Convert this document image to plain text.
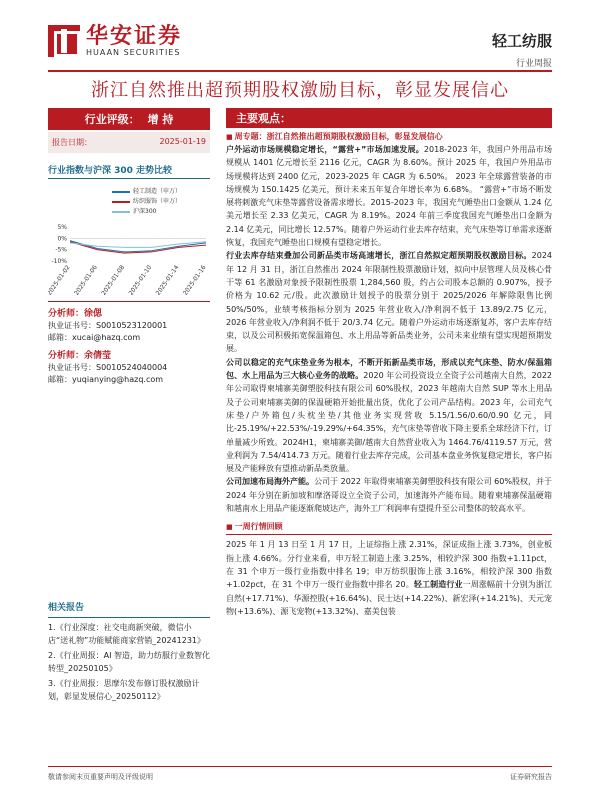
华安证券
HUAAN SECURITIES
轻工纺服
行业周报
浙江自然推出超预期股权激励目标，彰显发展信心
行业评级： 增 持
报告日期：	2025-01-19
行业指数与沪深 300 走势比较
5%
0%
-5%
-10%
2025-01-02 2025-01-06 2025-01-08 2025-01-10 2025-01-14 2025-01-16
轻工制造（申万）
纺织服饰（申万）
沪深300
分析师：徐偲
执业证书号：S0010523120001
邮箱：xucai@hazq.com
分析师：余倩莹
执业证书号：S0010524040004
邮箱：yuqianying@hazq.com
相关报告

1.《行业深度：社交电商新突破，微信小店“送礼物”功能赋能商家营销_20241231》

2.《行业周报：AI 智造，助力纺服行业数智化转型_20250105》

3.《行业周报：思摩尔发布修订股权激励计划，彰显发展信心_20250112》

主要观点：
■ 周专题：浙江自然推出超预期股权激励目标，彰显发展信心
户外运动市场规模稳定增长，“露营+”市场加速发展。2018-2023 年，我国户外用品市场规模从 1401 亿元增长至 2116 亿元，CAGR 为 8.60%。预计 2025 年，我国户外用品市场规模将达到 2400 亿元，2023-2025 年 CAGR 为 6.50%。 2023 年全球露营装备的市场规模为 150.1425 亿美元，预计未来五年复合年增长率为 6.68%。 “露营+”市场不断发展将刺激充气床垫等露营设备需求增长。2015-2023 年，我国充气睡垫出口金额从 1.24 亿美元增长至 2.33 亿美元，CAGR 为 8.19%。2024 年前三季度我国充气睡垫出口金额为 2.14 亿美元，同比增长 12.57%。随着户外运动行业去库存结束，充气床垫等订单需求逐渐恢复，我国充气睡垫出口规模有望稳定增长。
行业去库存结束叠加公司新品类市场高速增长，浙江自然拟定超预期股权激励目标。2024 年 12 月 31 日，浙江自然推出 2024 年限制性股票激励计划，拟向中层管理人员及核心骨干等 61 名激励对象授予限制性股票 1,284,560 股，约占公司股本总额的 0.907%，授予价格为 10.62 元/股。此次激励计划授予的股票分别于 2025/2026 年解除限售比例 50%/50%，业绩考核指标分别为 2025 年营业收入/净利润不低于 13.89/2.75 亿元，2026 年营业收入/净利润不低于 20/3.74 亿元。随着户外运动市场逐渐复苏，客户去库存结束，以及公司积极拓宽保温箱包、水上用品等新品类业务，公司未来业绩有望实现超预期发展。
公司以稳定的充气床垫业务为根本，不断开拓新品类市场，形成以充气床垫、防水/保温箱包、水上用品为三大核心业务的战略。2020 年公司投资设立全资子公司越南大自然，2022 年公司取得柬埔寨美御塑胶科技有限公司 60%股权，2023 年越南大自然 SUP 等水上用品及子公司柬埔寨美御的保温硬箱开始批量出货，优化了公司产品结构。2023 年，公司充气床垫/户外箱包/头枕坐垫/其他业务实现营收 5.15/1.56/0.60/0.90 亿元，同比-25.19%/+22.53%/-19.29%/+64.35%，充气床垫等营收下降主要系全球经济下行，订单量减少所致。2024H1，柬埔寨美御/越南大自然营业收入为 1464.76/4119.57 万元，营业利润为 7.54/414.73 万元。随着行业去库存完成，公司基本盘业务恢复稳定增长，客户拓展及产能释放有望推动新品类放量。
公司加速布局海外产能。公司于 2022 年取得柬埔寨美御塑胶科技有限公司 60%股权，并于 2024 年分别在新加坡和摩洛哥设立全资子公司，加速海外产能布局。随着柬埔寨保温硬箱和越南水上用品产能逐渐爬坡达产，海外工厂利润率有望提升至公司整体的较高水平。
■ 一周行情回顾
2025 年 1 月 13 日至 1 月 17 日，上证综指上涨 2.31%，深证成指上涨 3.73%，创业板指上涨 4.66%。分行业来看，申万轻工制造上涨 3.25%，相较沪深 300 指数+1.11pct，在 31 个申万一级行业指数中排名 19；申万纺织服饰上涨 3.16%，相较沪深 300 指数+1.02pct，在 31 个申万一级行业指数中排名 20。轻工制造行业一周涨幅前十分别为浙江自然(+17.71%)、华源控股(+16.64%)、民士达(+14.22%)、新宏泽(+14.21%)、天元宠物(+13.6%)、源飞宠物(+13.32%)、嘉美包装
敬请参阅末页重要声明及评级说明	证券研究报告
